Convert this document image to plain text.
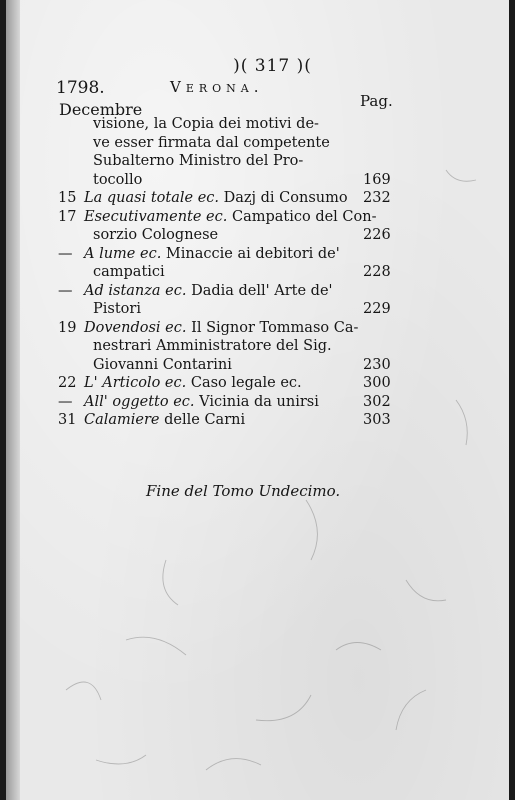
)( 317 )(
1798.	Verona.
Pag.
Decembre
visione, la Copia dei motivi de-
ve esser firmata dal competente
Subalterno Ministro del Pro-
tocollo	169
15 La quasi totale ec. Dazj di Consumo 232
17 Esecutivamente ec. Campatico del Con-
sorzio Colognese	226
— A lume ec. Minaccie ai debitori de'
campatici	228
— Ad istanza ec. Dadia dell' Arte de'
Pistori	229
19 Dovendosi ec. Il Signor Tommaso Ca-
nestrari Amministratore del Sig.
Giovanni Contarini	230
22 L' Articolo ec. Caso legale ec.	300
— All' oggetto ec. Vicinia da unirsi	302
31 Calamiere delle Carni	303
Fine del Tomo Undecimo.
